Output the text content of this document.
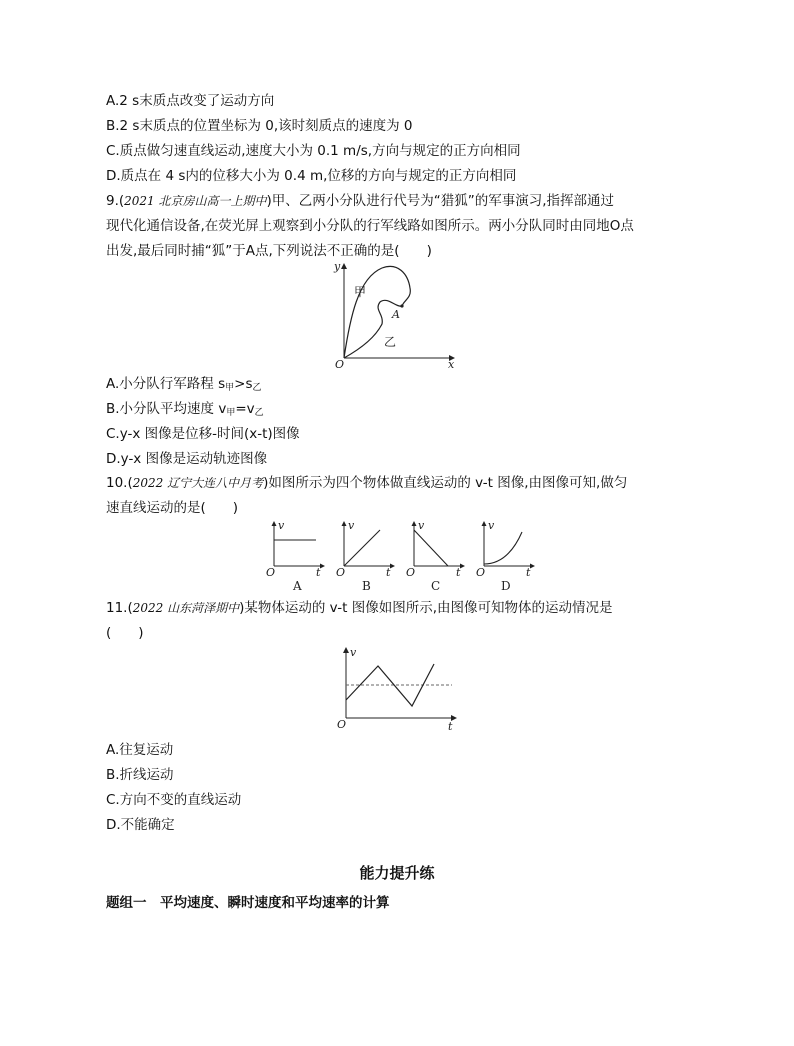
A.2 s末质点改变了运动方向
B.2 s末质点的位置坐标为 0,该时刻质点的速度为 0
C.质点做匀速直线运动,速度大小为 0.1 m/s,方向与规定的正方向相同
D.质点在 4 s内的位移大小为 0.4 m,位移的方向与规定的正方向相同
9.(2021 北京房山高一上期中)甲、乙两小分队进行代号为“猎狐”的军事演习,指挥部通过
现代化通信设备,在荧光屏上观察到小分队的行军线路如图所示。两小分队同时由同地O点
出发,最后同时捕“狐”于A点,下列说法不正确的是(　　)
y
x
O
甲
乙
A
A.小分队行军路程 $s_甲>s_乙$
B.小分队平均速度 $v_甲=v_乙$
C.y-x 图像是位移-时间(x-t)图像
D.y-x 图像是运动轨迹图像
10.(2022 辽宁大连八中月考)如图所示为四个物体做直线运动的 v-t 图像,由图像可知,做匀
速直线运动的是(　　)
v
t
O
A
v
t
O
B
v
t
O
C
v
t
O
D
11.(2022 山东菏泽期中)某物体运动的 v-t 图像如图所示,由图像可知物体的运动情况是
(　　)
v
t
O
A.往复运动
B.折线运动
C.方向不变的直线运动
D.不能确定
能力提升练
题组一　平均速度、瞬时速度和平均速率的计算
